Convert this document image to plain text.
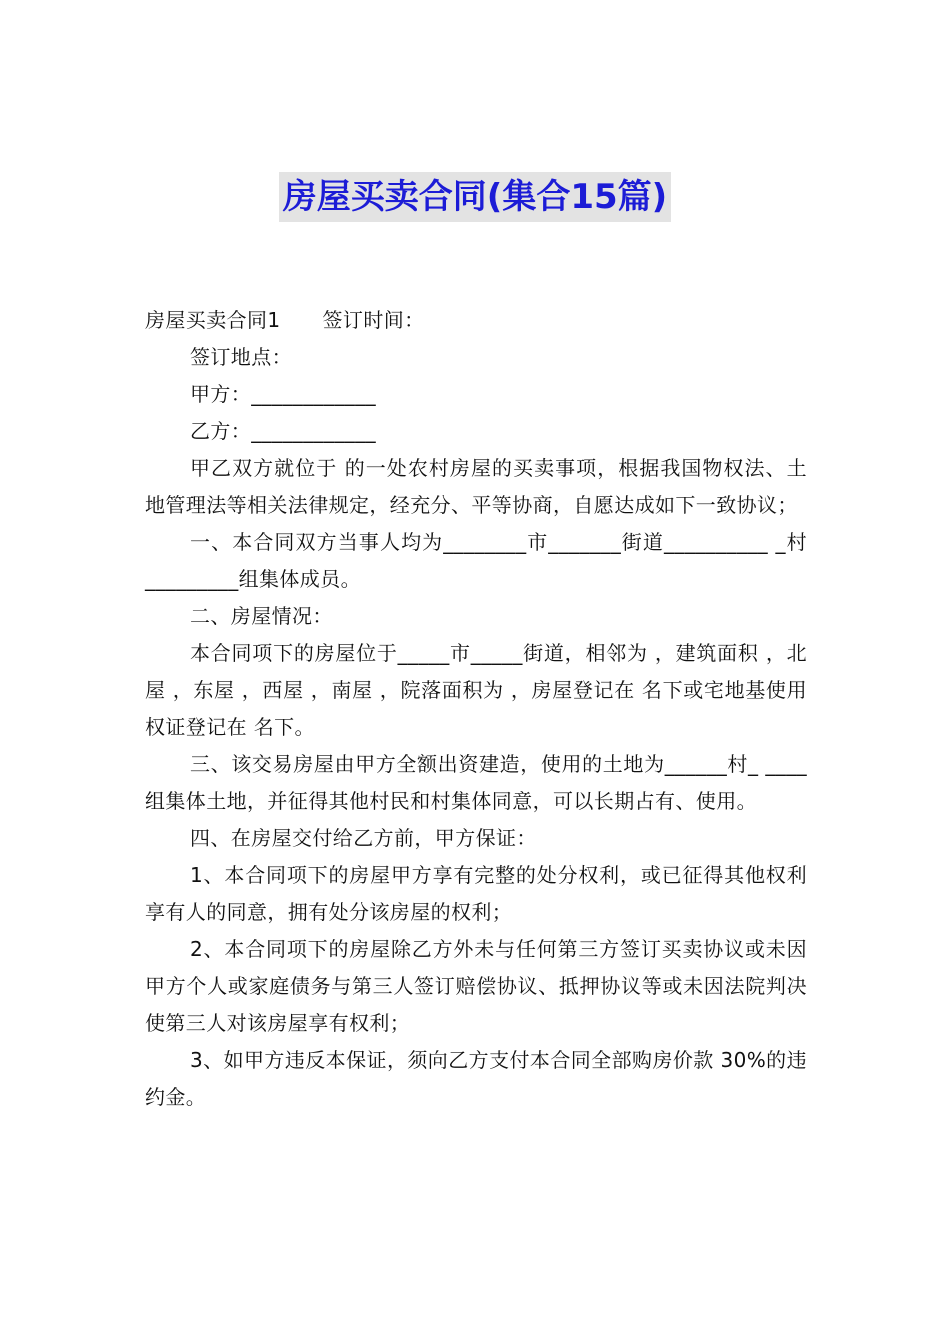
房屋买卖合同(集合15篇)

房屋买卖合同1 签订时间：

签订地点：

甲方：____________

乙方：____________

甲乙双方就位于 的一处农村房屋的买卖事项，根据我国物权法、土地管理法等相关法律规定，经充分、平等协商，自愿达成如下一致协议；

一、本合同双方当事人均为________市_______街道__________ _村_________组集体成员。

二、房屋情况：

本合同项下的房屋位于_____市_____街道，相邻为 ，建筑面积 ，北屋 ，东屋 ，西屋 ，南屋 ，院落面积为 ，房屋登记在 名下或宅地基使用权证登记在 名下。

三、该交易房屋由甲方全额出资建造，使用的土地为______村_ ____组集体土地，并征得其他村民和村集体同意，可以长期占有、使用。

四、在房屋交付给乙方前，甲方保证：

1、本合同项下的房屋甲方享有完整的处分权利，或已征得其他权利享有人的同意，拥有处分该房屋的权利；

2、本合同项下的房屋除乙方外未与任何第三方签订买卖协议或未因甲方个人或家庭债务与第三人签订赔偿协议、抵押协议等或未因法院判决使第三人对该房屋享有权利；

3、如甲方违反本保证，须向乙方支付本合同全部购房价款 30%的违约金。
